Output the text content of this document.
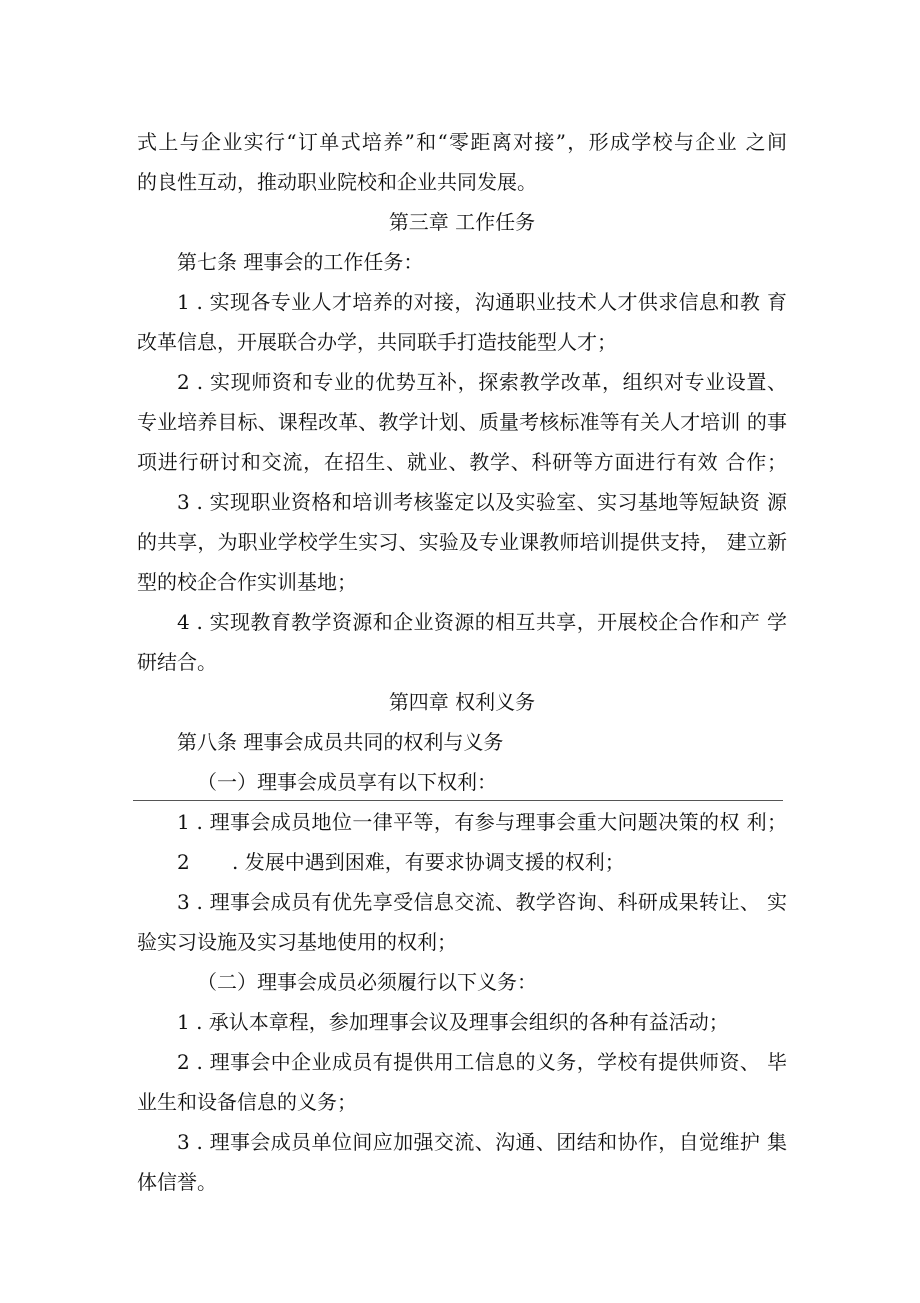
式上与企业实行“订单式培养”和“零距离对接”，形成学校与企业 之间
的良性互动，推动职业院校和企业共同发展。
第三章 工作任务
第七条 理事会的工作任务：
1 . 实现各专业人才培养的对接，沟通职业技术人才供求信息和教 育
改革信息，开展联合办学，共同联手打造技能型人才；
2 . 实现师资和专业的优势互补，探索教学改革，组织对专业设置、
专业培养目标、课程改革、教学计划、质量考核标准等有关人才培训 的事
项进行研讨和交流，在招生、就业、教学、科研等方面进行有效 合作；
3 . 实现职业资格和培训考核鉴定以及实验室、实习基地等短缺资 源
的共享，为职业学校学生实习、实验及专业课教师培训提供支持， 建立新
型的校企合作实训基地；
4 . 实现教育教学资源和企业资源的相互共享，开展校企合作和产 学
研结合。
第四章 权利义务
第八条 理事会成员共同的权利与义务
（一）理事会成员享有以下权利：
1 . 理事会成员地位一律平等，有参与理事会重大问题决策的权 利；
2 . 发展中遇到困难，有要求协调支援的权利；
3 . 理事会成员有优先享受信息交流、教学咨询、科研成果转让、 实
验实习设施及实习基地使用的权利；
（二）理事会成员必须履行以下义务：
1 . 承认本章程，参加理事会议及理事会组织的各种有益活动；
2 . 理事会中企业成员有提供用工信息的义务，学校有提供师资、 毕
业生和设备信息的义务；
3 . 理事会成员单位间应加强交流、沟通、团结和协作，自觉维护 集
体信誉。
